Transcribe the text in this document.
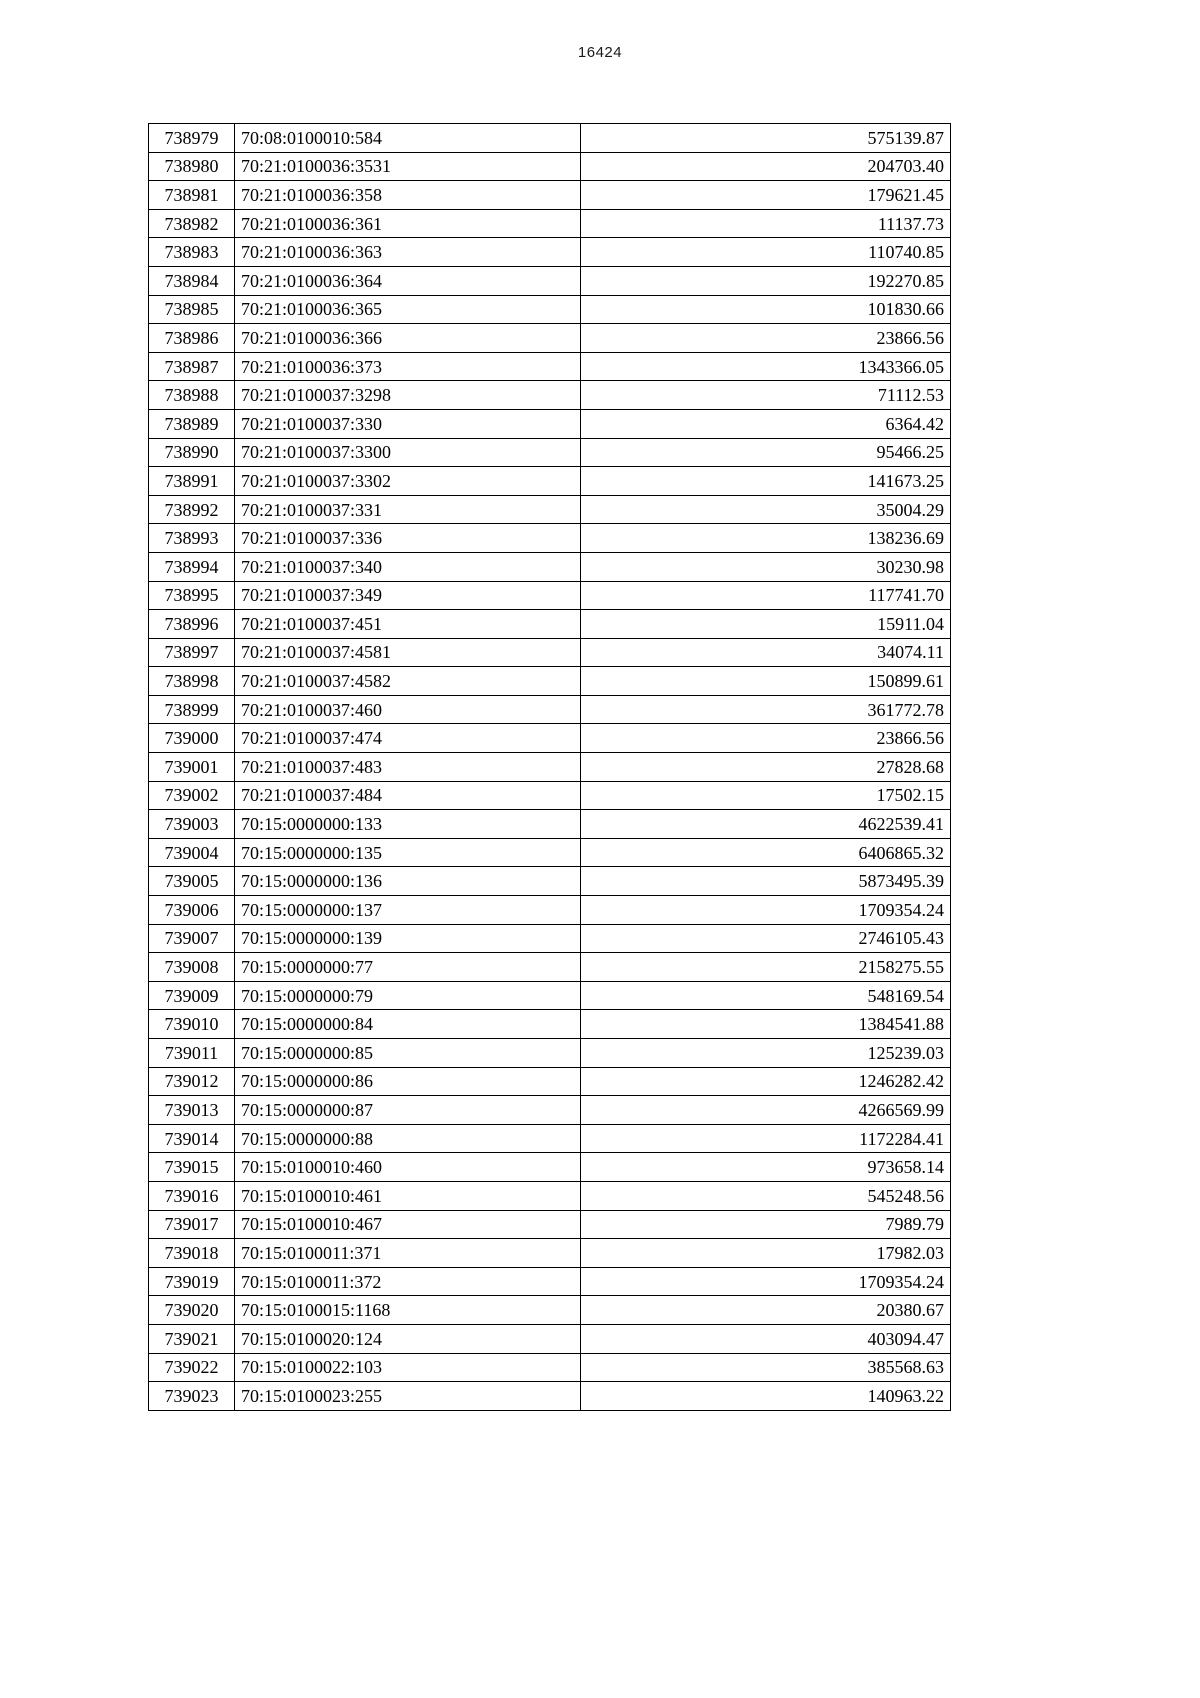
16424
738979	70:08:0100010:584	575139.87
738980	70:21:0100036:3531	204703.40
738981	70:21:0100036:358	179621.45
738982	70:21:0100036:361	11137.73
738983	70:21:0100036:363	110740.85
738984	70:21:0100036:364	192270.85
738985	70:21:0100036:365	101830.66
738986	70:21:0100036:366	23866.56
738987	70:21:0100036:373	1343366.05
738988	70:21:0100037:3298	71112.53
738989	70:21:0100037:330	6364.42
738990	70:21:0100037:3300	95466.25
738991	70:21:0100037:3302	141673.25
738992	70:21:0100037:331	35004.29
738993	70:21:0100037:336	138236.69
738994	70:21:0100037:340	30230.98
738995	70:21:0100037:349	117741.70
738996	70:21:0100037:451	15911.04
738997	70:21:0100037:4581	34074.11
738998	70:21:0100037:4582	150899.61
738999	70:21:0100037:460	361772.78
739000	70:21:0100037:474	23866.56
739001	70:21:0100037:483	27828.68
739002	70:21:0100037:484	17502.15
739003	70:15:0000000:133	4622539.41
739004	70:15:0000000:135	6406865.32
739005	70:15:0000000:136	5873495.39
739006	70:15:0000000:137	1709354.24
739007	70:15:0000000:139	2746105.43
739008	70:15:0000000:77	2158275.55
739009	70:15:0000000:79	548169.54
739010	70:15:0000000:84	1384541.88
739011	70:15:0000000:85	125239.03
739012	70:15:0000000:86	1246282.42
739013	70:15:0000000:87	4266569.99
739014	70:15:0000000:88	1172284.41
739015	70:15:0100010:460	973658.14
739016	70:15:0100010:461	545248.56
739017	70:15:0100010:467	7989.79
739018	70:15:0100011:371	17982.03
739019	70:15:0100011:372	1709354.24
739020	70:15:0100015:1168	20380.67
739021	70:15:0100020:124	403094.47
739022	70:15:0100022:103	385568.63
739023	70:15:0100023:255	140963.22
